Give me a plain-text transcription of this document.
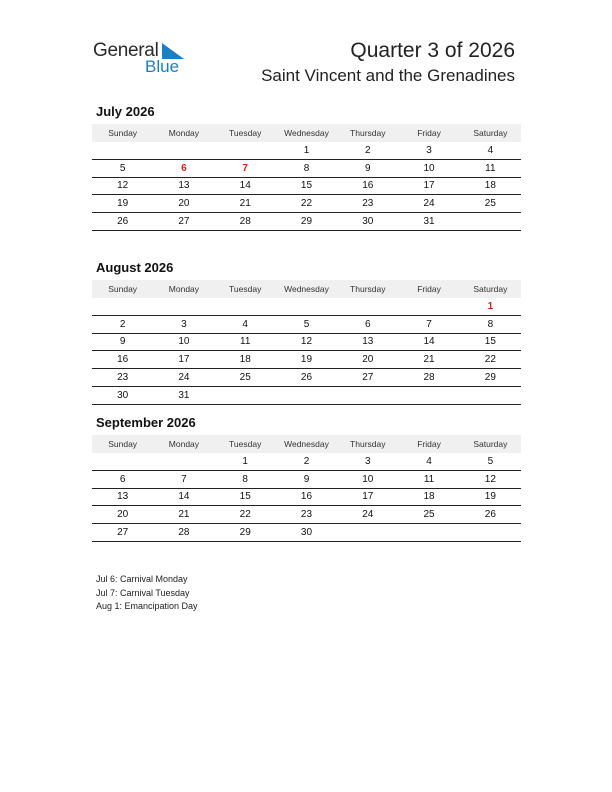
General
Blue
Quarter 3 of 2026
Saint Vincent and the Grenadines
July 2026
Sunday	Monday	Tuesday	Wednesday	Thursday	Friday	Saturday
			1	2	3	4
5	6	7	8	9	10	11
12	13	14	15	16	17	18
19	20	21	22	23	24	25
26	27	28	29	30	31	
August 2026
Sunday	Monday	Tuesday	Wednesday	Thursday	Friday	Saturday
						1
2	3	4	5	6	7	8
9	10	11	12	13	14	15
16	17	18	19	20	21	22
23	24	25	26	27	28	29
30	31					
September 2026
Sunday	Monday	Tuesday	Wednesday	Thursday	Friday	Saturday
		1	2	3	4	5
6	7	8	9	10	11	12
13	14	15	16	17	18	19
20	21	22	23	24	25	26
27	28	29	30			
Jul 6: Carnival Monday
Jul 7: Carnival Tuesday
Aug 1: Emancipation Day
